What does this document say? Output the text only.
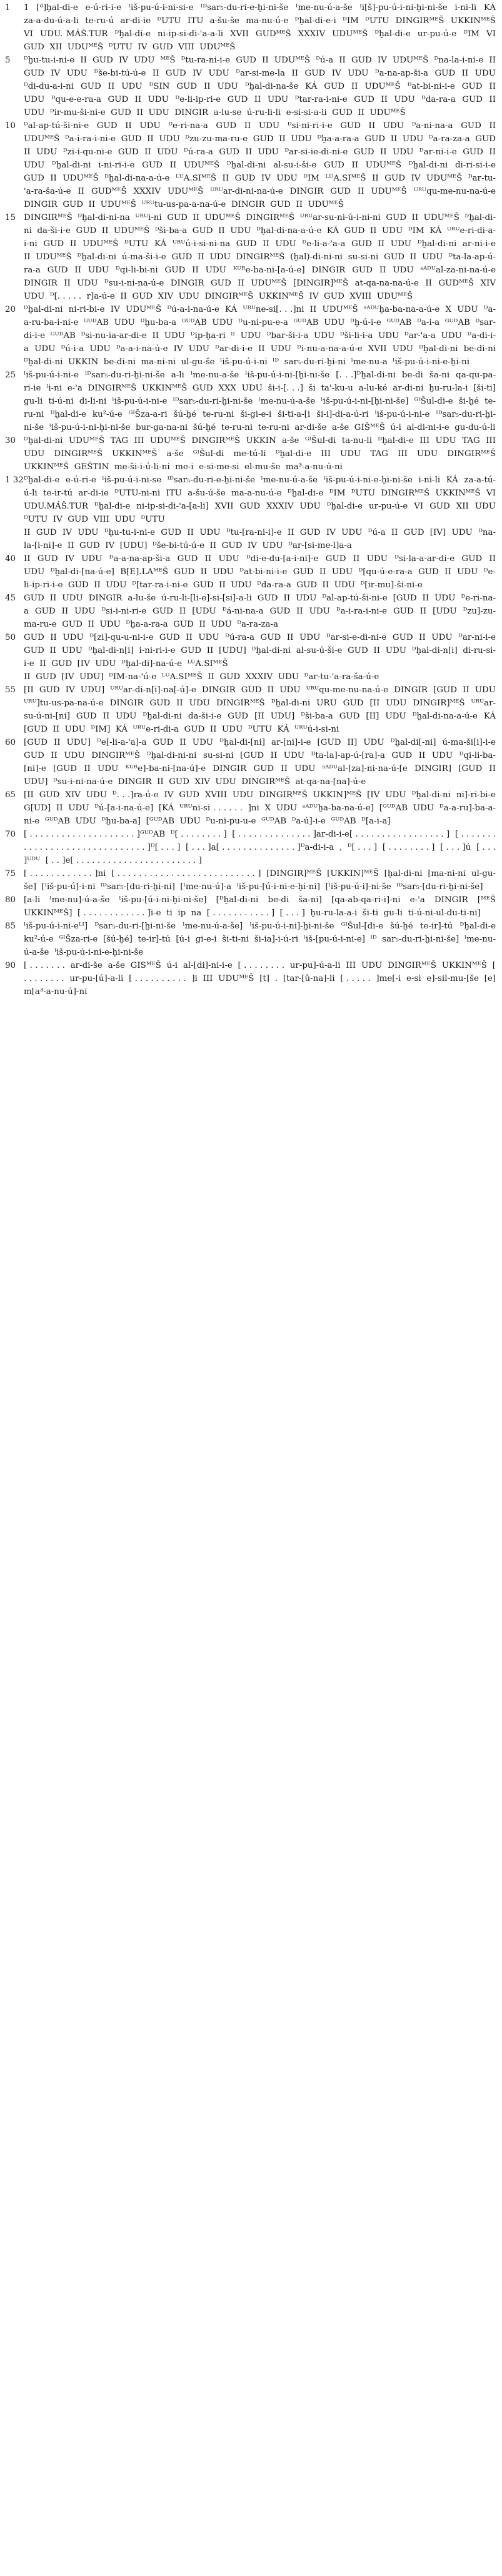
1	1  [ᵈ]ḫal-di-e  e-ú-ri-i-e  ˡiš-pu-ú-i-ni-si-e  ˡᴰsar₅-du-ri-e-ḫi-ni-še  ˡme-nu-ú-a-še  ˡi[š]-pu-ú-i-ni-ḫi-ni-še  i-ni-li  KÁ  za-a-du-ú-a-li  te-ru-ú  ar-di-ie  ᴰUTU  ITU  a-šu-še  ma-nu-ú-e  ᴰḫal-di-e-i  ᴰIM  ᴰUTU  DINGIRᴹᴱŠ  UKKINᴹᴱŠ  VI  UDU. MÁŠ.TUR  ᴰḫal-di-e  ni-ip-si-di-'a-a-li  XVII  GUDᴹᴱŠ  XXXIV  UDUᴹᴱŠ  ᴰḫal-di-e  ur-pu-ú-e  ᴰIM  VI  GUD  XII  UDUᴹᴱŠ  ᴰUTU  IV  GUD  VIII  UDUᴹᴱŠ

5	ᴰḫu-tu-i-ni-e  II  GUD  IV  UDU  ᴹᴱŠ  ᴰtu-ra-ni-i-e  GUD  II  UDUᴹᴱŠ  ᴰú-a  II  GUD  IV  UDUᴹᴱŠ  ᴰna-la-i-ni-e  II  GUD  IV  UDU  ᴰše-bi-tú-ú-e  II  GUD  IV  UDU  ᴰar-si-me-la  II  GUD  IV  UDU  ᴰa-na-ap-ši-a  GUD  II  UDU  ᴰdi-du-a-i-ni  GUD  II  UDU  ᴰSIN  GUD  II  UDU  ᴰḫal-di-na-še  KÁ  GUD  II  UDUᴹᴱŠ  ᴰat-bi-ni-i-e  GUD  II  UDU  ᴰqu-e-e-ra-a  GUD  II  UDU  ᴰe-li-ip-ri-e  GUD  II  UDU  ᴰtar-ra-i-ni-e  GUD  II  UDU  ᴰda-ra-a  GUD  II  UDU  ᴰir-mu-ši-ni-e  GUD  II  UDU  DINGIR  a-lu-se  ú-ru-li-li  e-si-si-a-li  GUD  II  UDUᴹᴱŠ

10 ᴰal-ap-tú-ši-ni-e  GUD  II  UDU  ᴰe-ri-na-a  GUD  II  UDU  ᴰsi-ni-ri-i-e  GUD  II  UDU  ᴰa-ni-na-a  GUD  II  UDUᴹᴱŠ  ᴰa-i-ra-i-ni-e  GUD  II  UDU  ᴰzu-zu-ma-ru-e  GUD  II  UDU  ᴰḫa-a-ra-a  GUD  II  UDU  ᴰa-ra-za-a  GUD  II  UDU  ᴰzi-i-qu-ni-e  GUD  II  UDU  ᴰú-ra-a  GUD  II  UDU  ᴰar-si-ie-di-ni-e  GUD  II  UDU  ᴰar-ni-i-e  GUD  II  UDU  ᴰḫal-di-ni  i-ni-ri-i-e  GUD  II  UDUᴹᴱŠ  ᴰḫal-di-ni  al-su-i-ši-e  GUD  II  UDUᴹᴱŠ  ᴰḫal-di-ni  di-ri-si-i-e  GUD  II  UDUᴹᴱŠ  ᴰḫal-di-na-a-ú-e  ᴸᵁA.SIᴹᴱŠ  II  GUD  IV  UDU  ᴰIM  ᴸᵁA.SIᴹᴱŠ  II  GUD  IV  UDUᴹᴱŠ  ᴰar-tu-'a-ra-ša-ú-e  II  GUDᴹᴱŠ  XXXIV  UDUᴹᴱŠ  ᵁᴿᵁar-di-ni-na-ú-e  DINGIR  GUD  II  UDUᴹᴱŠ  ᵁᴿᵁqu-me-nu-na-ú-e  DINGIR  GUD  II  UDUᴹᴱŠ  ᵁᴿᵁtu-us-pa-a-na-ú-e  DINGIR  GUD  II  UDUᴹᴱŠ

15 DINGIRᴹᴱŠ  ᴰḫal-di-ni-na  ᵁᴿᵁi-ni  GUD  II  UDUᴹᴱŠ  DINGIRᴹᴱŠ  ᵁᴿᵁar-su-ni-ú-i-ni-ni  GUD  II  UDUᴹᴱŠ  ᴰḫal-di-ni  da-ši-i-e  GUD  II  UDUᴹᴱŠ  ᴰši-ba-a  GUD  II  UDU  ᴰḫal-di-na-a-ú-e  KÁ  GUD  II  UDU  ᴰIM  KÁ  ᵁᴿᵁe-ri-di-a-i-ni  GUD  II  UDUᴹᴱŠ  ᴰUTU  KÁ  ᵁᴿᵁú-i-si-ni-na  GUD  II  UDU  ᴰe-li-a-'a-a  GUD  II  UDU  ᴰḫal-di-ni  ar-ni-i-e  II  UDUᴹᴱŠ  ᴰḫal-di-ni  ú-ma-ši-i-e  GUD  II  UDU  DINGIRᴹᴱŠ  (ḫal)-di-ni-ni  su-si-ni  GUD  II  UDU  ᴰta-la-ap-ú-ra-a  GUD  II  UDU  ᴰqi-li-bi-ni  GUD  II  UDU  ᴷᵁᴿe-ba-ni-[a-ú-e]  DINGIR  GUD  II  UDU  ˢᴬᴰᵁal-za-ni-na-ú-e  DINGIR  II  UDU  ᴰsu-i-ni-na-ú-e  DINGIR  GUD  II  UDUᴹᴱŠ  [DINGIR]ᴹᴱŠ  at-qa-na-na-ú-e  II  GUDᴹᴱŠ  XIV  UDU  ᴰ[. . . . .  r]a-ú-e  II  GUD  XIV  UDU  DINGIRᴹᴱŠ  UKKINᴹᴱŠ  IV  GUD  XVIII  UDUᴹᴱŠ

20 ᴰḫal-di-ni  ni-ri-bi-e  IV  UDUᴹᴱŠ  ᴰú-a-i-na-ú-e  KÁ  ᵁᴿᵁne-si[. . .]ni  II  UDUᴹᴱŠ  ˢᴬᴰᵁḫa-ba-na-a-ú-e  X  UDU  ᴰa-a-ru-ba-i-ni-e  ᴳᵁᴰAB  UDU  ᴰḫu-ba-a  ᴳᵁᴰAB  UDU  ᴰu-ni-pu-e-a  ᴳᵁᴰAB  UDU  ᴰḫ-ú-i-e  ᴳᵁᴰAB  ᴰa-i-a  ᴳᵁᴰAB  ᴰsar-di-i-e  ᴳᵁᴰAB  ᴰsi-nu-ia-ar-di-e  II  UDU  ᴰip-ḫa-ri  ˡˡ  UDU  ᴰbar-ši-i-a  UDU  ᴰši-li-i-a  UDU  ᴰar-'a-a  UDU  ᴰa-di-i-a  UDU  ᴰú-i-a  UDU  ᴰa-a-i-na-ú-e  IV  UDU  ᴰar-di-i-e  II  UDU  ᴰi-nu-a-na-a-ú-e  XVII  UDU  ᴰḫal-di-ni  be-di-ni  ᴰḫal-di-ni  UKKIN  be-di-ni  ma-ni-ni  ul-gu-še  ˡiš-pu-ú-i-ni  ˡᴰ  sar₅-du-ri-ḫi-ni  ˡme-nu-a  ˡiš-pu-ú-i-ni-e-ḫi-ni

25 ˡiš-pu-ú-i-ni-e  ˡᴰsar₅-du-ri-ḫi-ni-še  a-li  ˡme-nu-a-še  ˡiš-pu-ú-i-ni-[ḫi-ni-še  [. . .]ᴰḫal-di-ni  be-di  ša-ni  qa-qu-pa-ri-ie  ˡi-ni  e-'a  DINGIRᴹᴱŠ  UKKINᴹᴱŠ  GUD  XXX  UDU  ši-i-[. . .]  ši  ta'-ku-u  a-lu-ké  ar-di-ni  ḫu-ru-la-i  [ši-ti]  gu-li  ti-ú-ni  di-li-ni  ˡiš-pu-ú-i-ni-e  ˡᴰsar₅-du-ri-ḫi-ni-še  ˡme-nu-ú-a-še  ˡiš-pu-ú-i-ni-[ḫi-ni-še]  ᴳᴵŠul-di-e  ši-ḫé  te-ru-ni  ᴰḫal-di-e  ku²-ú-e  ᴳᴵŠza-a-ri  šú-ḫé  te-ru-ni  ši-gi-e-i  ši-ti-a-[i  ši-i]-di-a-ú-ri  ˡiš-pu-ú-i-ni-e  ˡᴰsar₅-du-ri-ḫi-ni-še  ˡiš-pu-ú-i-ni-ḫi-ni-še  bur-ga-na-ni  šú-ḫé  te-ru-ni  te-ru-ni  ar-di-še  a-še  GIŠᴹᴱŠ  ú-i  al-di-ni-i-e  gu-du-ú-li

30 ᴰḫal-di-ni  UDUᴹᴱŠ  TAG  III  UDUᴹᴱŠ  DINGIRᴹᴱŠ  UKKIN  a-še  ᴳᴵŠul-di  ta-nu-li  ᴰḫal-di-e  III  UDU  TAG  III  UDU  DINGIRᴹᴱŠ  UKKINᴹᴱŠ  a-še  ᴳᴵŠul-di  me-tú-li  ᴰḫal-di-e  III  UDU  TAG  III  UDU  DINGIRᴹᴱŠ  UKKINᴹᴱŠ  GEŠTIN  me-ši-i-ú-li-ni  me-i  e-si-me-si  el-mu-še  ma³-a-nu-ú-ni

1 32 ᴰḫal-di-e  e-ú-ri-e  ˡiš-pu-ú-i-ni-se  ˡᴰsar₅-du-ri-e-ḫi-ni-še  ˡme-nu-ú-a-še  ˡiš-pu-ú-i-ni-e-ḫi-ni-še  i-ni-li  KÁ  za-a-tú-ú-li  te-ir-tú  ar-di-ie  ᴰUTU-ni-ni  ITU  a-šu-ú-še  ma-a-nu-ú-e  ᴰḫal-di-e  ᴰIM  ᴰUTU  DINGIRᴹᴱŠ  UKKINᴹᴱŠ  VI  UDU.MÁŠ.TUR  ᴰḫal-di-e  ni-ip-si-di-'a-[a-li]  XVII  GUD  XXXIV  UDU  ᴰḫal-di-e  ur-pu-ú-e  VI  GUD  XII  UDU  ᴰUTU  IV  GUD  VIII  UDU  ᴰUTU

II  GUD  IV  UDU  ᴰḫu-tu-i-ni-e  GUD  II  UDU  ᴰtu-[ra-ni-i]-e  II  GUD  IV  UDU  ᴰú-a  II  GUD  [IV]  UDU  ᴰna-la-[i-ni]-e  II  GUD  IV  [UDU]  ᴰše-bi-tú-ú-e  II  GUD  IV  UDU  ᴰar-[si-me-l]a-a

40 II  GUD  IV  UDU  ᴰa-a-na-ap-ši-a  GUD  II  UDU  ᴰdi-e-du-[a-i-ni]-e  GUD  II  UDU  ᴰsi-la-a-ar-di-e  GUD  II  UDU  ᴰḫal-di-[na-ú-e]  B[E].LAᴹᴱŠ  GUD  II  UDU  ᴰat-bi-ni-i-e  GUD  II  UDU  ᴰ[qu-ú-e-ra-a  GUD  II  UDU  ᴰe-li-ip-ri-i-e  GUD  II  UDU  ᴰ[tar-ra-i-ni-e  GUD  II  UDU  ᴰda-ra-a  GUD  II  UDU  ᴰ[ir-mu]-ši-ni-e

45 GUD  II  UDU  DINGIR  a-lu-še  ú-ru-li-[li-e]-si-[si]-a-li  GUD  II  UDU  ᴰal-ap-tú-ši-ni-e  [GUD  II  UDU  ᴰe-ri-na-a  GUD  II  UDU  ᴰsi-i-ni-ri-e  GUD  II  [UDU  ᴰá-ni-na-a  GUD  II  UDU  ᴰa-i-ra-i-ni-e  GUD  II  [UDU  ᴰzu]-zu-ma-ru-e  GUD  II  UDU  ᴰḫa-a-ra-a  GUD  II  UDU  ᴰa-ra-za-a

50 GUD  II  UDU  ᴰ[zi]-qu-u-ni-i-e  GUD  II  UDU  ᴰú-ra-a  GUD  II  UDU  ᴰar-si-e-di-ni-e  GUD  II  UDU  ᴰar-ni-i-e  GUD  II  UDU  ᴰḫal-di-n[i]  i-ni-ri-i-e  GUD  II  [UDU]  ᴰḫal-di-ni  al-su-ú-ši-e  GUD  II  UDU  ᴰḫal-di-n[i]  di-ru-si-i-e  II  GUD  [IV  UDU  ᴰḫal-di]-na-ú-e  ᴸᵁA.SIᴹᴱŠ

II  GUD  [IV  UDU]  ᴰIM-na-'ú-e  ᴸᵁA.SIᴹᴱŠ  II  GUD  XXXIV  UDU  ᴰar-tu-'a-ra-ša-ú-e

55 [II  GUD  IV  UDU]  ᵁᴿᵁar-di-n[i]-na[-ú]-e  DINGIR  GUD  II  UDU  ᵁᴿᵁqu-me-nu-na-ú-e  DINGIR  [GUD  II  UDU  ᵁᴿᵁ]tu-us-pa-na-ú-e  DINGIR  GUD  II  UDU  DINGIRᴹᴱŠ  ᴰḫal-di-ni  URU  GUD  [II  UDU  DINGIR]ᴹᴱŠ  ᵁᴿᵁar-su-ú-ni-[ni]  GUD  II  UDU  ᴰḫal-di-ni  da-ši-i-e  GUD  [II  UDU]  ᴰši-ba-a  GUD  [II]  UDU  ᴰḫal-di-na-a-ú-e  KÁ  [GUD  II  UDU  ᴰIM]  KÁ  ᵁᴿᵁe-ri-di-a  GUD  II  UDU  ᴰUTU  KÁ  ᵁᴿᵁú-i-si-ni

60 [GUD  II  UDU]  ᴰe[-li-a-'a]-a  GUD  II  UDU  ᴰḫal-di-[ni]  ar-[ni]-i-e  [GUD  II]  UDU  ᴰḫal-di[-ni]  ú-ma-ši[i]-i-e  GUD  II  UDU  DINGIRᴹᴱŠ  ᴰḫal-di-ni-ni  su-si-ni  [GUD  II  UDU  ᴰta-la]-ap-ú-[ra]-a  GUD  II  UDU  ᴰqi-li-ba-[ni]-e  [GUD  II  UDU  ᴷᵁᴿe]-ba-ni-[na-ú]-e  DINGIR  GUD  II  UDU  ˢᴬᴰᵁal-[za]-ni-na-ú-[e  DINGIR]  [GUD  II  UDU]  ᴰsu-i-ni-na-ú-e  DINGIR  II  GUD  XIV  UDU  DINGIRᴹᴱŠ  at-qa-na-[na]-ú-e

65 [II  GUD  XIV  UDU  ᴰ. . .]ra-ú-e  IV  GUD  XVIII  UDU  DINGIRᴹᴱŠ  UKKIN]ᴹᴱŠ  [IV  UDU  ᴰḫal-di-ni  ni]-ri-bi-e  G[UD]  II  UDU  ᴰú-[a-i-na-ú-e]  [KÁ  ᵁᴿᵁni-si . . . . . .  ]ni  X  UDU  ˢᴬᴰᵁḫa-ba-na-ú-e]  [ᴳᵁᴰAB  UDU  ᴰa-a-ru]-ba-a-ni-e  ᴳᵁᴰAB  UDU  ᴰḫu-ba-a]  [ᴳᵁᴰAB  UDU  ᴰu-ni-pu-u-e  ᴳᵁᴰAB  ᴰa-ú]-i-e  ᴳᵁᴰAB  ᴰ[a-i-a]

70 [ . . . . . . . . . . . . . . . . . . . . ]ᴳᵁᴰAB  ᴰ[ . . . . . . . . ]  [ . . . . . . . . . . . . . . ]ar-di-i-e[ . . . . . . . . . . . . . . . . . ]  [ . . . . . . . . . . . . . . . . . . . . . . . . . . . . . . ]ᴰ[ . . . ]  [ . . . ]a[ . . . . . . . . . . . . . . ]ᴰa-di-i-a  ,  ᴰ[ . . . ]  [ . . . . . . . . ]  [ . . . ]ú  [ . . . ]ᵁᴰᵁ  [ . . ]e[ . . . . . . . . . . . . . . . . . . . . . . . ]

75 [ . . . . . . . . . . . . ]ni  [ . . . . . . . . . . . . . . . . . . . . . . . . . . ]  [DINGIR]ᴹᴱŠ  [UKKIN]ᴹᴱŠ  [ḫal-di-ni  [ma-ni-ni  ul-gu-še]  [ˡiš-pu-ú]-i-ni  ˡᴰsar₅-[du-ri-ḫi-ni]  [ˡme-nu-ú]-a  ˡiš-pu-[ú-i-ni-e-ḫi-ni]  [ˡiš-pu-ú-i]-ni-še  ˡᴰsar₅-[du-ri-ḫi-ni-še]

80 [a-li  ˡme-nu]-ú-a-še  ˡiš-pu-[ú-i-ni-ḫi-ni-še]  [ᴰḫal-di-ni  be-di  ša-ni]  [qa-ab-qa-ri-i]-ni  e-'a  DINGIR  [ᴹᴱŠ  UKKINᴹᴱŠ]  [ . . . . . . . . . . . . ]i-e  ti  ip  na  [ . . . . . . . . . . . ]  [ . . . ]  ḫu-ru-la-a-i  ši-ti  gu-li  ti-ú-ni-ul-du-ti-ni]

85 ˡiš-pu-ú-i-ni-eᴸᴵ]  ᴰsar₅-du-ri-[ḫi-ni-še  ˡme-nu-ú-a-še]  ˡiš-pu-ú-i-ni]-ḫi-ni-še  ᴳᴵŠul-[di-e  šú-ḫé  te-ir]-tú  ᴰḫal-di-e  ku²-ú-e  ᴳᴵŠza-ri-e  [šú-ḫé]  te-ir]-tú  [ú-i  gi-e-i  ši-ti-ni  ši-ia]-i-ú-ri  ˡiš-[pu-ú-i-ni-e]  ˡᴰ  sar₅-du-ri-ḫi-ni-še]  ˡme-nu-ú-a-še  ˡiš-pu-ú-i-ni-e-ḫi-ni-še

90 [ . . . . . . .  ar-di-še  a-še  GISᴹᴱŠ  ú-i  al-[di]-ni-i-e  [ . . . . . . . .  ur-pu]-ú-a-li  III  UDU  DINGIRᴹᴱŠ  UKKINᴹᴱŠ  [ . . . . . . . .  ur-pu-[ú]-a-li  [ . . . . . . . . . .  ]i  III  UDUᴹᴱŠ  [t]  .  [tar-[ǔ-na]-li  [ . . . . .  ]me[-i  e-si  e]-sil-mu-[še  [e]  m[a³-a-nu-ú]-ni
